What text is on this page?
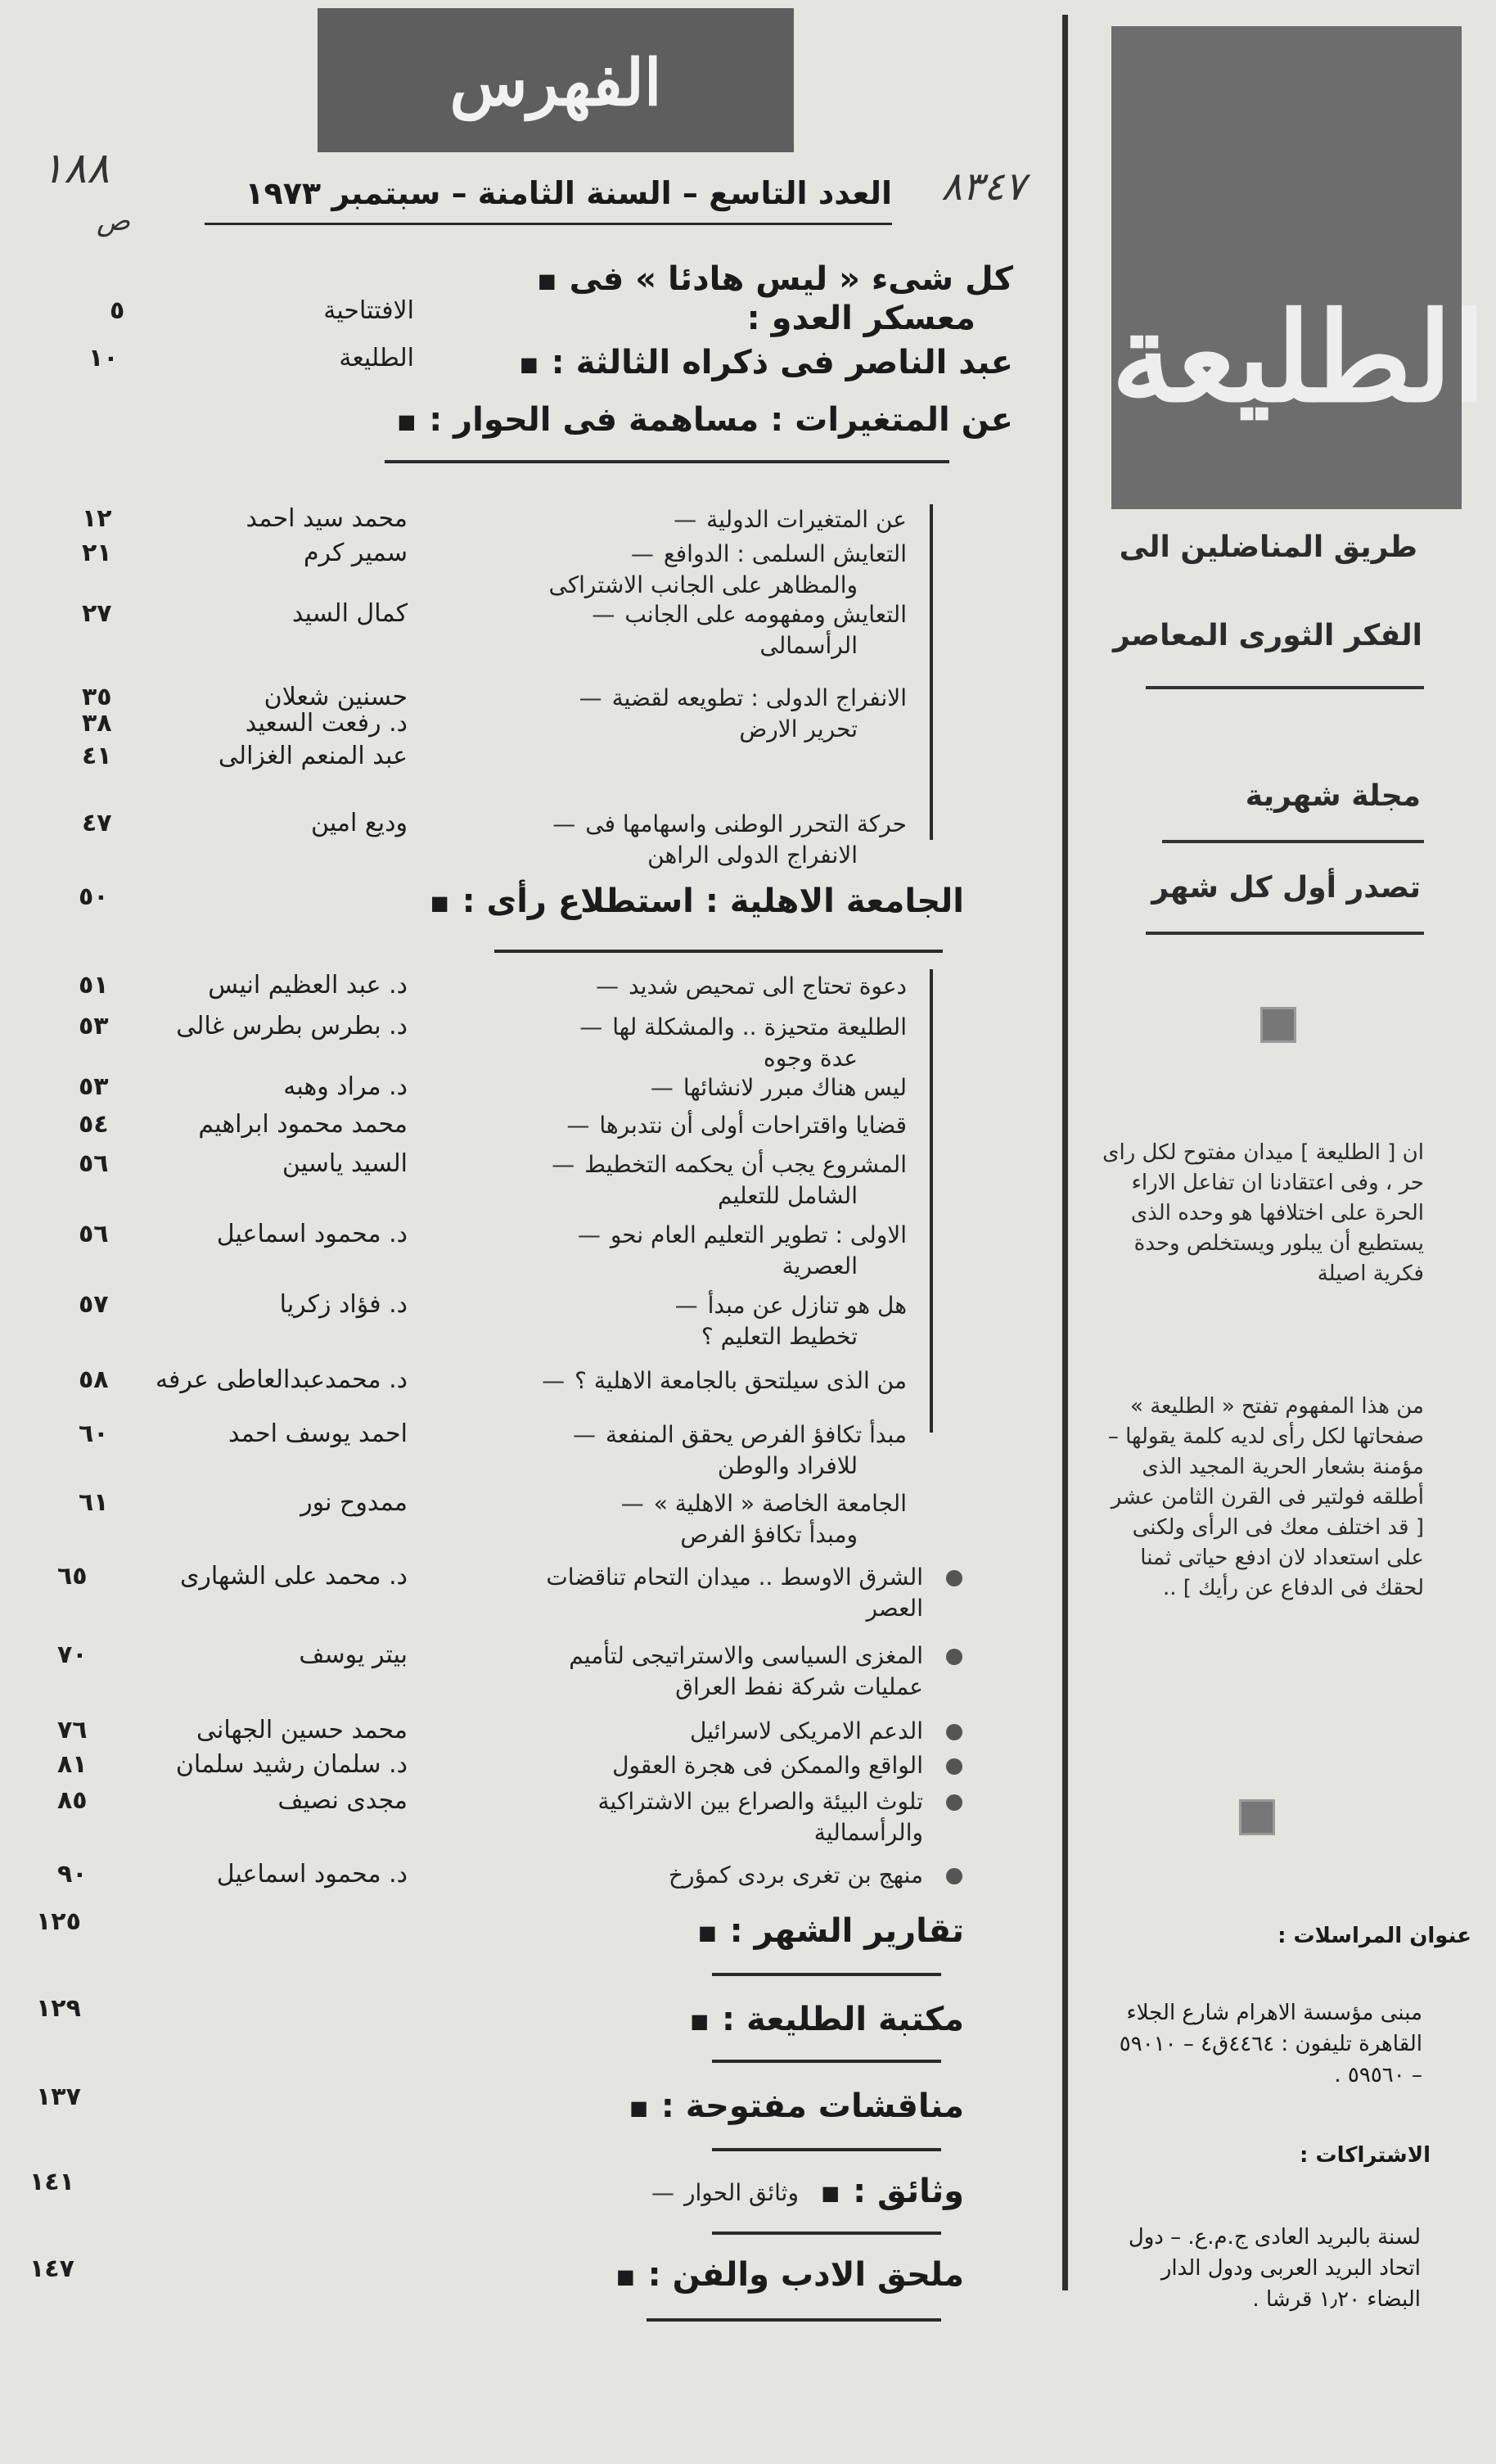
الطليعة
طريق المناضلين الى
الفكر الثورى المعاصر
مجلة شهرية
تصدر أول كل شهر
ان [ الطليعة ] ميدان مفتوح لكل راى حر ، وفى اعتقادنا ان تفاعل الاراء الحرة على اختلافها هو وحده الذى يستطيع أن يبلور ويستخلص وحدة فكرية اصيلة
من هذا المفهوم تفتح « الطليعة » صفحاتها لكل رأى لديه كلمة يقولها – مؤمنة بشعار الحرية المجيد الذى أطلقه فولتير فى القرن الثامن عشر [ قد اختلف معك فى الرأى ولكنى على استعداد لان ادفع حياتى ثمنا لحقك فى الدفاع عن رأيك ] ..
عنوان المراسلات :
مبنى مؤسسة الاهرام شارع الجلاء
القاهرة تليفون : ٤٤٦٤ق٤ – ٥٩٠١٠
– ٥٩٥٦٠ .
الاشتراكات :
لسنة بالبريد العادى ج.م.ع. – دول
اتحاد البريد العربى ودول الدار
البضاء ١٫٢٠ قرشا .
الفهرس
٨٣٤٧
١٨٨
ص
العدد التاسع – السنة الثامنة – سبتمبر ١٩٧٣
كل شىء « ليس هادئا » فى ■
معسكر العدو :
عبد الناصر فى ذكراه الثالثة : ■
عن المتغيرات : مساهمة فى الحوار : ■
الافتتاحية
٥
الطليعة
١٠
عن المتغيرات الدولية —
محمد سيد احمد
١٢
التعايش السلمى : الدوافع —
والمظاهر على الجانب الاشتراكى
سمير كرم
٢١
التعايش ومفهومه على الجانب —
الرأسمالى
كمال السيد
٢٧
الانفراج الدولى : تطويعه لقضية —
تحرير الارض
حسنين شعلان
٣٥
د. رفعت السعيد
٣٨
عبد المنعم الغزالى
٤١
حركة التحرر الوطنى واسهامها فى —
الانفراج الدولى الراهن
وديع امين
٤٧
الجامعة الاهلية : استطلاع رأى : ■
٥٠
دعوة تحتاج الى تمحيص شديد —
د. عبد العظيم انيس
٥١
الطليعة متحيزة .. والمشكلة لها —
عدة وجوه
د. بطرس بطرس غالى
٥٣
ليس هناك مبرر لانشائها —
د. مراد وهبه
٥٣
قضايا واقتراحات أولى أن نتدبرها —
محمد محمود ابراهيم
٥٤
المشروع يجب أن يحكمه التخطيط —
الشامل للتعليم
السيد ياسين
٥٦
الاولى : تطوير التعليم العام نحو —
العصرية
د. محمود اسماعيل
٥٦
هل هو تنازل عن مبدأ —
تخطيط التعليم ؟
د. فؤاد زكريا
٥٧
من الذى سيلتحق بالجامعة الاهلية ؟ —
د. محمدعبدالعاطى عرفه
٥٨
مبدأ تكافؤ الفرص يحقق المنفعة —
للافراد والوطن
احمد يوسف احمد
٦٠
الجامعة الخاصة « الاهلية » —
ومبدأ تكافؤ الفرص
ممدوح نور
٦١
الشرق الاوسط .. ميدان التحام تناقضات
العصر
د. محمد على الشهارى
٦٥
المغزى السياسى والاستراتيجى لتأميم
عمليات شركة نفط العراق
بيتر يوسف
٧٠
الدعم الامريكى لاسرائيل
محمد حسين الجهانى
٧٦
الواقع والممكن فى هجرة العقول
د. سلمان رشيد سلمان
٨١
تلوث البيئة والصراع بين الاشتراكية
والرأسمالية
مجدى نصيف
٨٥
منهج بن تغرى بردى كمؤرخ
د. محمود اسماعيل
٩٠
تقارير الشهر : ■
١٢٥
مكتبة الطليعة : ■
١٢٩
مناقشات مفتوحة : ■
١٣٧
وثائق : ■
وثائق الحوار —
١٤١
ملحق الادب والفن : ■
١٤٧
